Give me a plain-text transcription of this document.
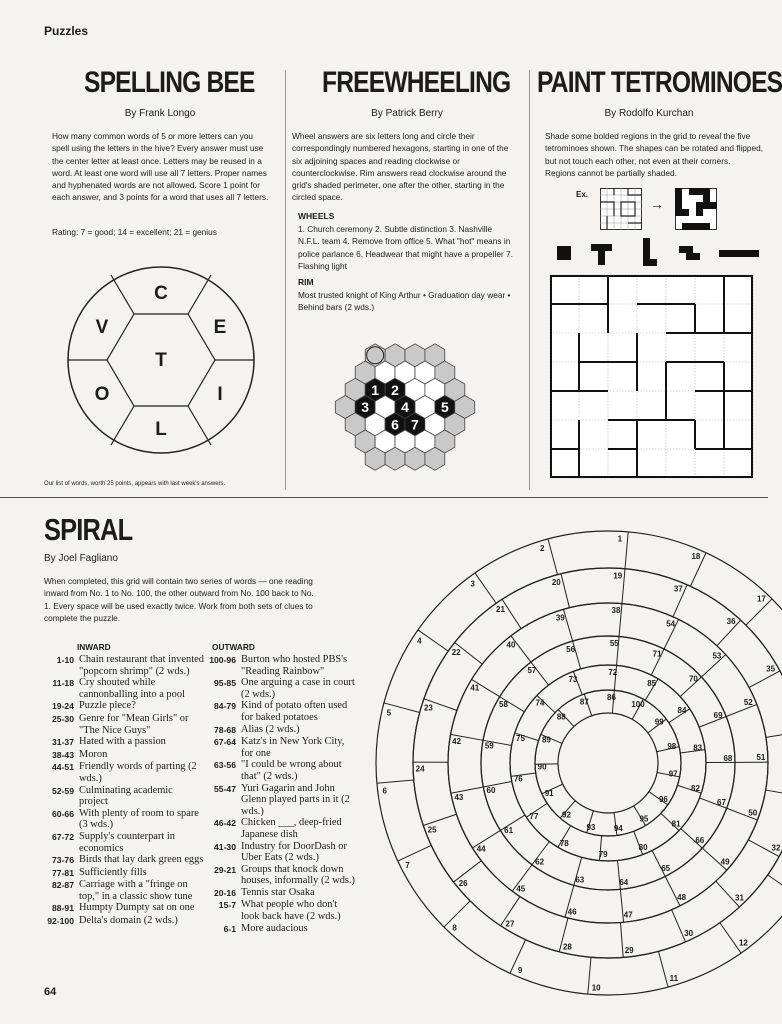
Puzzles
SPELLING BEE
By Frank Longo
How many common words of 5 or more letters can you spell using the letters in the hive? Every answer must use the center letter at least once. Letters may be reused in a word. At least one word will use all 7 letters. Proper names and hyphenated words are not allowed. Score 1 point for each answer, and 3 points for a word that uses all 7 letters.
Rating: 7 = good; 14 = excellent; 21 = genius
T
C
E
I
L
O
V
Our list of words, worth 25 points, appears with last week's answers.
FREEWHEELING
By Patrick Berry
Wheel answers are six letters long and circle their correspondingly numbered hexagons, starting in one of the six adjoining spaces and reading clockwise or counterclockwise. Rim answers read clockwise around the grid's shaded perimeter, one after the other, starting in the circled space.
WHEELS
1. Church ceremony 2. Subtle distinction 3. Nashville N.F.L. team 4. Remove from office 5. What "hot" means in police parlance 6. Headwear that might have a propeller 7. Flashing light
RIM
Most trusted knight of King Arthur • Graduation day wear • Behind bars (2 wds.)
1 2
3 4 5
6 7
PAINT TETROMINOES
By Rodolfo Kurchan
Shade some bolded regions in the grid to reveal the five tetrominoes shown. The shapes can be rotated and flipped, but not touch each other, not even at their corners. Regions cannot be partially shaded.
Ex.
→
SPIRAL
By Joel Fagliano
When completed, this grid will contain two series of words — one reading inward from No. 1 to No. 100, the other outward from No. 100 back to No. 1. Every space will be used exactly twice. Work from both sets of clues to complete the puzzle.
INWARD	OUTWARD
1-10 Chain restaurant that invented "popcorn shrimp" (2 wds.)
11-18 Cry shouted while cannonballing into a pool
19-24 Puzzle piece?
25-30 Genre for "Mean Girls" or "The Nice Guys"
31-37 Hated with a passion
38-43 Moron
44-51 Friendly words of parting (2 wds.)
52-59 Culminating academic project
60-66 With plenty of room to spare (3 wds.)
67-72 Supply's counterpart in economics
73-76 Birds that lay dark green eggs
77-81 Sufficiently fills
82-87 Carriage with a "fringe on top," in a classic show tune
88-91 Humpty Dumpty sat on one
92-100 Delta's domain (2 wds.)
100-96 Burton who hosted PBS's "Reading Rainbow"
95-85 One arguing a case in court (2 wds.)
84-79 Kind of potato often used for baked potatoes
78-68 Alias (2 wds.)
67-64 Katz's in New York City, for one
63-56 "I could be wrong about that" (2 wds.)
55-47 Yuri Gagarin and John Glenn played parts in it (2 wds.)
46-42 Chicken ___, deep-fried Japanese dish
41-30 Industry for DoorDash or Uber Eats (2 wds.)
29-21 Groups that knock down houses, informally (2 wds.)
20-16 Tennis star Osaka
15-7 What people who don't look back have (2 wds.)
6-1 More audacious
1
2
3
4
5
6
7
8
9
10
11
12
17
18
19
20
21
22
23
24
25
26
27
28	29
30
31
32
35
36
37
38
39
40
41
42
43
44
45
46	47
48
49
50
51
52
53
54
55
56
57
58
59
60
61
62
63	64
65
66
67
68
69
70
71
72
73
74
75
76
77
78
79
80
81
82
83
84
85
86
87
88
89
90
91
92
93 94
95
96
97
98
99
100
64
